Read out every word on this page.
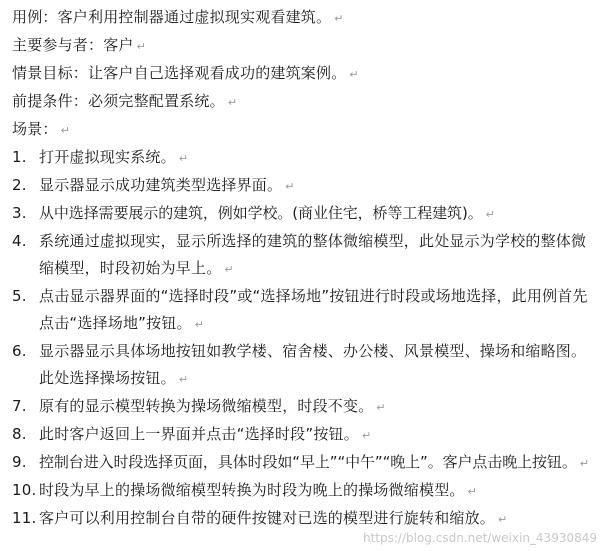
用例：客户利用控制器通过虚拟现实观看建筑。 ↵
主要参与者：客户 ↵
情景目标：让客户自己选择观看成功的建筑案例。 ↵
前提条件：必须完整配置系统。 ↵
场景： ↵
1. 打开虚拟现实系统。 ↵
2. 显示器显示成功建筑类型选择界面。 ↵
3. 从中选择需要展示的建筑，例如学校。(商业住宅，桥等工程建筑)。 ↵
4. 系统通过虚拟现实，显示所选择的建筑的整体微缩模型，此处显示为学校的整体微缩模型，时段初始为早上。 ↵
5. 点击显示器界面的“选择时段”或“选择场地”按钮进行时段或场地选择，此用例首先点击“选择场地”按钮。 ↵
6. 显示器显示具体场地按钮如教学楼、宿舍楼、办公楼、风景模型、操场和缩略图。此处选择操场按钮。 ↵
7. 原有的显示模型转换为操场微缩模型，时段不变。 ↵
8. 此时客户返回上一界面并点击“选择时段”按钮。 ↵
9. 控制台进入时段选择页面，具体时段如“早上”“中午”“晚上”。客户点击晚上按钮。 ↵
10. 时段为早上的操场微缩模型转换为时段为晚上的操场微缩模型。 ↵
11. 客户可以利用控制台自带的硬件按键对已选的模型进行旋转和缩放。 ↵
https://blog.csdn.net/weixin_43930849
